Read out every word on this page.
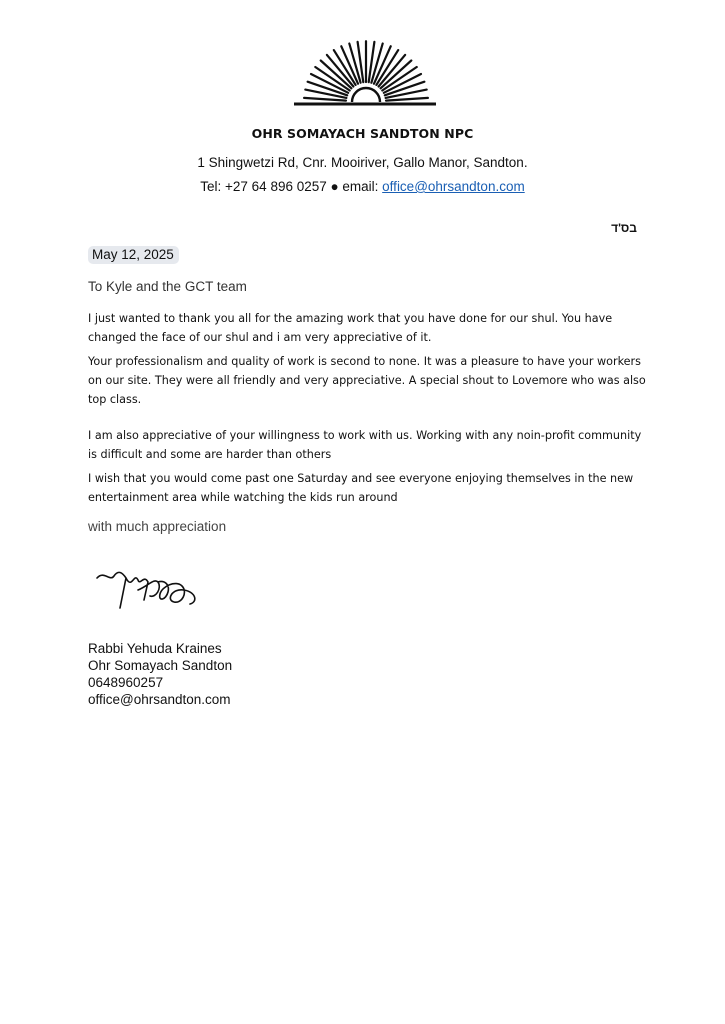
OHR SOMAYACH SANDTON NPC
1 Shingwetzi Rd, Cnr. Mooiriver, Gallo Manor, Sandton.
Tel: +27 64 896 0257 ● email: office@ohrsandton.com
בס'ד
May 12, 2025
To Kyle and the GCT team

I just wanted to thank you all for the amazing work that you have done for our shul. You have changed the face of our shul and i am very appreciative of it.

Your professionalism and quality of work is second to none. It was a pleasure to have your workers on our site. They were all friendly and very appreciative. A special shout to Lovemore who was also top class.

I am also appreciative of your willingness to work with us. Working with any noin-profit community is difficult and some are harder than others

I wish that you would come past one Saturday and see everyone enjoying themselves in the new entertainment area while watching the kids run around

with much appreciation
Rabbi Yehuda Kraines
Ohr Somayach Sandton
0648960257
office@ohrsandton.com
